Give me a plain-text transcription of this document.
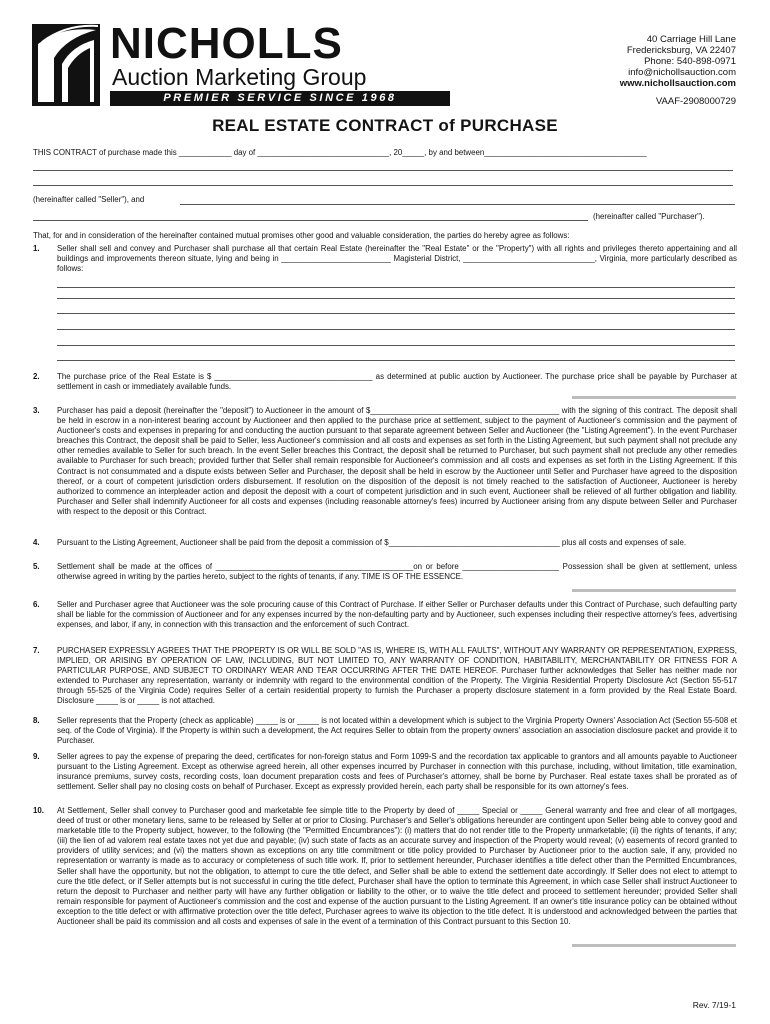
NICHOLLS
Auction Marketing Group
PREMIER SERVICE SINCE 1968
40 Carriage Hill Lane
Fredericksburg, VA 22407
Phone: 540-898-0971
info@nichollsauction.com
www.nichollsauction.com
VAAF-2908000729
REAL ESTATE CONTRACT of PURCHASE
THIS CONTRACT of purchase made this ____________ day of ______________________________, 20_____, by and between_____________________________________
(hereinafter called "Seller"), and
(hereinafter called "Purchaser").
That, for and in consideration of the hereinafter contained mutual promises other good and valuable consideration, the parties do hereby agree as follows:
1. Seller shall sell and convey and Purchaser shall purchase all that certain Real Estate (hereinafter the "Real Estate" or the "Property") with all rights and privileges thereto appertaining and all buildings and improvements thereon situate, lying and being in _________________________ Magisterial District, ______________________________, Virginia, more particularly described as follows:
2. The purchase price of the Real Estate is $ ____________________________________ as determined at public auction by Auctioneer. The purchase price shall be payable by Purchaser at settlement in cash or immediately available funds.
3. Purchaser has paid a deposit (hereinafter the "deposit") to Auctioneer in the amount of $___________________________________________ with the signing of this contract. The deposit shall be held in escrow in a non-interest bearing account by Auctioneer and then applied to the purchase price at settlement, subject to the payment of Auctioneer's commission and the payment of Auctioneer's costs and expenses in preparing for and conducting the auction pursuant to that separate agreement between Seller and Auctioneer (the "Listing Agreement"). In the event Purchaser breaches this Contract, the deposit shall be paid to Seller, less Auctioneer's commission and all costs and expenses as set forth in the Listing Agreement, but such payment shall not preclude any other remedies available to Seller for such breach. In the event Seller breaches this Contract, the deposit shall be returned to Purchaser, but such payment shall not preclude any other remedies available to Purchaser for such breach; provided further that Seller shall remain responsible for Auctioneer's commission and all costs and expenses as set forth in the Listing Agreement. If this Contract is not consummated and a dispute exists between Seller and Purchaser, the deposit shall be held in escrow by the Auctioneer until Seller and Purchaser have agreed to the disposition thereof, or a court of competent jurisdiction orders disbursement. If resolution on the disposition of the deposit is not timely reached to the satisfaction of Auctioneer, Auctioneer is hereby authorized to commence an interpleader action and deposit the deposit with a court of competent jurisdiction and in such event, Auctioneer shall be relieved of all further obligation and liability. Purchaser and Seller shall indemnify Auctioneer for all costs and expenses (including reasonable attorney's fees) incurred by Auctioneer arising from any dispute between Seller and Purchaser with respect to the deposit or this Contract.
4. Pursuant to the Listing Agreement, Auctioneer shall be paid from the deposit a commission of $_______________________________________ plus all costs and expenses of sale.
5. Settlement shall be made at the offices of _____________________________________________on or before ______________________ Possession shall be given at settlement, unless otherwise agreed in writing by the parties hereto, subject to the rights of tenants, if any. TIME IS OF THE ESSENCE.
6. Seller and Purchaser agree that Auctioneer was the sole procuring cause of this Contract of Purchase. If either Seller or Purchaser defaults under this Contract of Purchase, such defaulting party shall be liable for the commission of Auctioneer and for any expenses incurred by the non-defaulting party and by Auctioneer, such expenses including their respective attorney's fees, advertising expenses, and labor, if any, in connection with this transaction and the enforcement of such Contract.
7. PURCHASER EXPRESSLY AGREES THAT THE PROPERTY IS OR WILL BE SOLD "AS IS, WHERE IS, WITH ALL FAULTS", WITHOUT ANY WARRANTY OR REPRESENTATION, EXPRESS, IMPLIED, OR ARISING BY OPERATION OF LAW, INCLUDING, BUT NOT LIMITED TO, ANY WARRANTY OF CONDITION, HABITABILITY, MERCHANTABILITY OR FITNESS FOR A PARTICULAR PURPOSE, AND SUBJECT TO ORDINARY WEAR AND TEAR OCCURRING AFTER THE DATE HEREOF. Purchaser further acknowledges that Seller has neither made nor extended to Purchaser any representation, warranty or indemnity with regard to the environmental condition of the Property. The Virginia Residential Property Disclosure Act (Section 55-517 through 55-525 of the Virginia Code) requires Seller of a certain residential property to furnish the Purchaser a property disclosure statement in a form provided by the Real Estate Board. Disclosure _____ is or _____ is not attached.
8. Seller represents that the Property (check as applicable) _____ is or _____ is not located within a development which is subject to the Virginia Property Owners' Association Act (Section 55-508 et seq. of the Code of Virginia). If the Property is within such a development, the Act requires Seller to obtain from the property owners' association an association disclosure packet and provide it to Purchaser.
9. Seller agrees to pay the expense of preparing the deed, certificates for non-foreign status and Form 1099-S and the recordation tax applicable to grantors and all amounts payable to Auctioneer pursuant to the Listing Agreement. Except as otherwise agreed herein, all other expenses incurred by Purchaser in connection with this purchase, including, without limitation, title examination, insurance premiums, survey costs, recording costs, loan document preparation costs and fees of Purchaser's attorney, shall be borne by Purchaser. Real estate taxes shall be prorated as of settlement. Seller shall pay no closing costs on behalf of Purchaser. Except as expressly provided herein, each party shall be responsible for its own attorney's fees.
10. At Settlement, Seller shall convey to Purchaser good and marketable fee simple title to the Property by deed of _____ Special or _____ General warranty and free and clear of all mortgages, deed of trust or other monetary liens, same to be released by Seller at or prior to Closing. Purchaser's and Seller's obligations hereunder are contingent upon Seller being able to convey good and marketable title to the Property subject, however, to the following (the "Permitted Encumbrances"): (i) matters that do not render title to the Property unmarketable; (ii) the rights of tenants, if any; (iii) the lien of ad valorem real estate taxes not yet due and payable; (iv) such state of facts as an accurate survey and inspection of the Property would reveal; (v) easements of record granted to providers of utility services; and (vi) the matters shown as exceptions on any title commitment or title policy provided to Purchaser by Auctioneer prior to the auction sale, if any, provided no representation or warranty is made as to accuracy or completeness of such title work. If, prior to settlement hereunder, Purchaser identifies a title defect other than the Permitted Encumbrances, Seller shall have the opportunity, but not the obligation, to attempt to cure the title defect, and Seller shall be able to extend the settlement date accordingly. If Seller does not elect to attempt to cure the title defect, or if Seller attempts but is not successful in curing the title defect, Purchaser shall have the option to terminate this Agreement, in which case Seller shall instruct Auctioneer to return the deposit to Purchaser and neither party will have any further obligation or liability to the other, or to waive the title defect and proceed to settlement hereunder; provided Seller shall remain responsible for payment of Auctioneer's commission and the cost and expense of the auction pursuant to the Listing Agreement. If an owner's title insurance policy can be obtained without exception to the title defect or with affirmative protection over the title defect, Purchaser agrees to waive its objection to the title defect. It is understood and acknowledged between the parties that Auctioneer shall be paid its commission and all costs and expenses of sale in the event of a termination of this Contract pursuant to this Section 10.
Rev. 7/19-1
